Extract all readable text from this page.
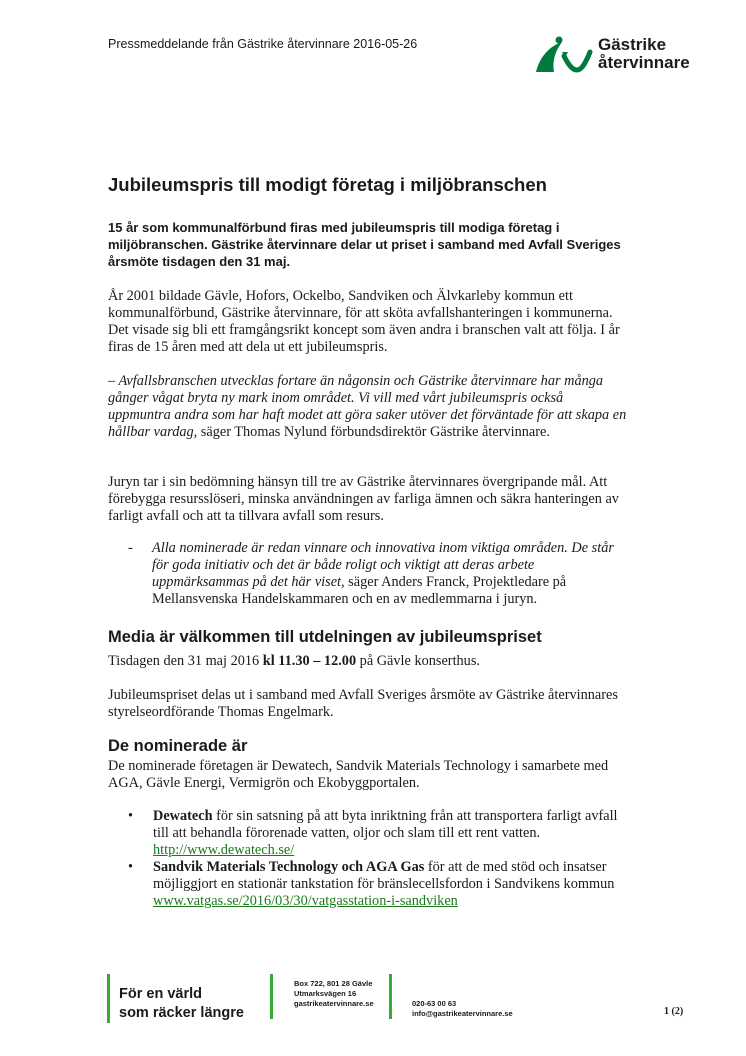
Pressmeddelande från Gästrike återvinnare 2016-05-26	Gästrike
återvinnare
Jubileumspris till modigt företag i miljöbranschen
15 år som kommunalförbund firas med jubileumspris till modiga företag i miljöbranschen. Gästrike återvinnare delar ut priset i samband med Avfall Sveriges årsmöte tisdagen den 31 maj.
År 2001 bildade Gävle, Hofors, Ockelbo, Sandviken och Älvkarleby kommun ett kommunalförbund, Gästrike återvinnare, för att sköta avfallshanteringen i kommunerna. Det visade sig bli ett framgångsrikt koncept som även andra i branschen valt att följa. I år firas de 15 åren med att dela ut ett jubileumspris.
– Avfallsbranschen utvecklas fortare än någonsin och Gästrike återvinnare har många gånger vågat bryta ny mark inom området. Vi vill med vårt jubileumspris också uppmuntra andra som har haft modet att göra saker utöver det förväntade för att skapa en hållbar vardag, säger Thomas Nylund förbundsdirektör Gästrike återvinnare.
Juryn tar i sin bedömning hänsyn till tre av Gästrike återvinnares övergripande mål. Att förebygga resursslöseri, minska användningen av farliga ämnen och säkra hanteringen av farligt avfall och att ta tillvara avfall som resurs.
- Alla nominerade är redan vinnare och innovativa inom viktiga områden. De står för goda initiativ och det är både roligt och viktigt att deras arbete uppmärksammas på det här viset, säger Anders Franck, Projektledare på Mellansvenska Handelskammaren och en av medlemmarna i juryn.
Media är välkommen till utdelningen av jubileumspriset
Tisdagen den 31 maj 2016 kl 11.30 – 12.00 på Gävle konserthus.
Jubileumspriset delas ut i samband med Avfall Sveriges årsmöte av Gästrike återvinnares styrelseordförande Thomas Engelmark.
De nominerade är
De nominerade företagen är Dewatech, Sandvik Materials Technology i samarbete med AGA, Gävle Energi, Vermigrön och Ekobyggportalen.
• Dewatech för sin satsning på att byta inriktning från att transportera farligt avfall till att behandla förorenade vatten, oljor och slam till ett rent vatten. http://www.dewatech.se/
• Sandvik Materials Technology och AGA Gas för att de med stöd och insatser möjliggjort en stationär tankstation för bränslecellsfordon i Sandvikens kommun www.vatgas.se/2016/03/30/vatgasstation-i-sandviken
För en värld
som räcker längre
Box 722, 801 28 Gävle
Utmarksvägen 16
gastrikeatervinnare.se	020-63 00 63
info@gastrikeatervinnare.se	1 (2)
